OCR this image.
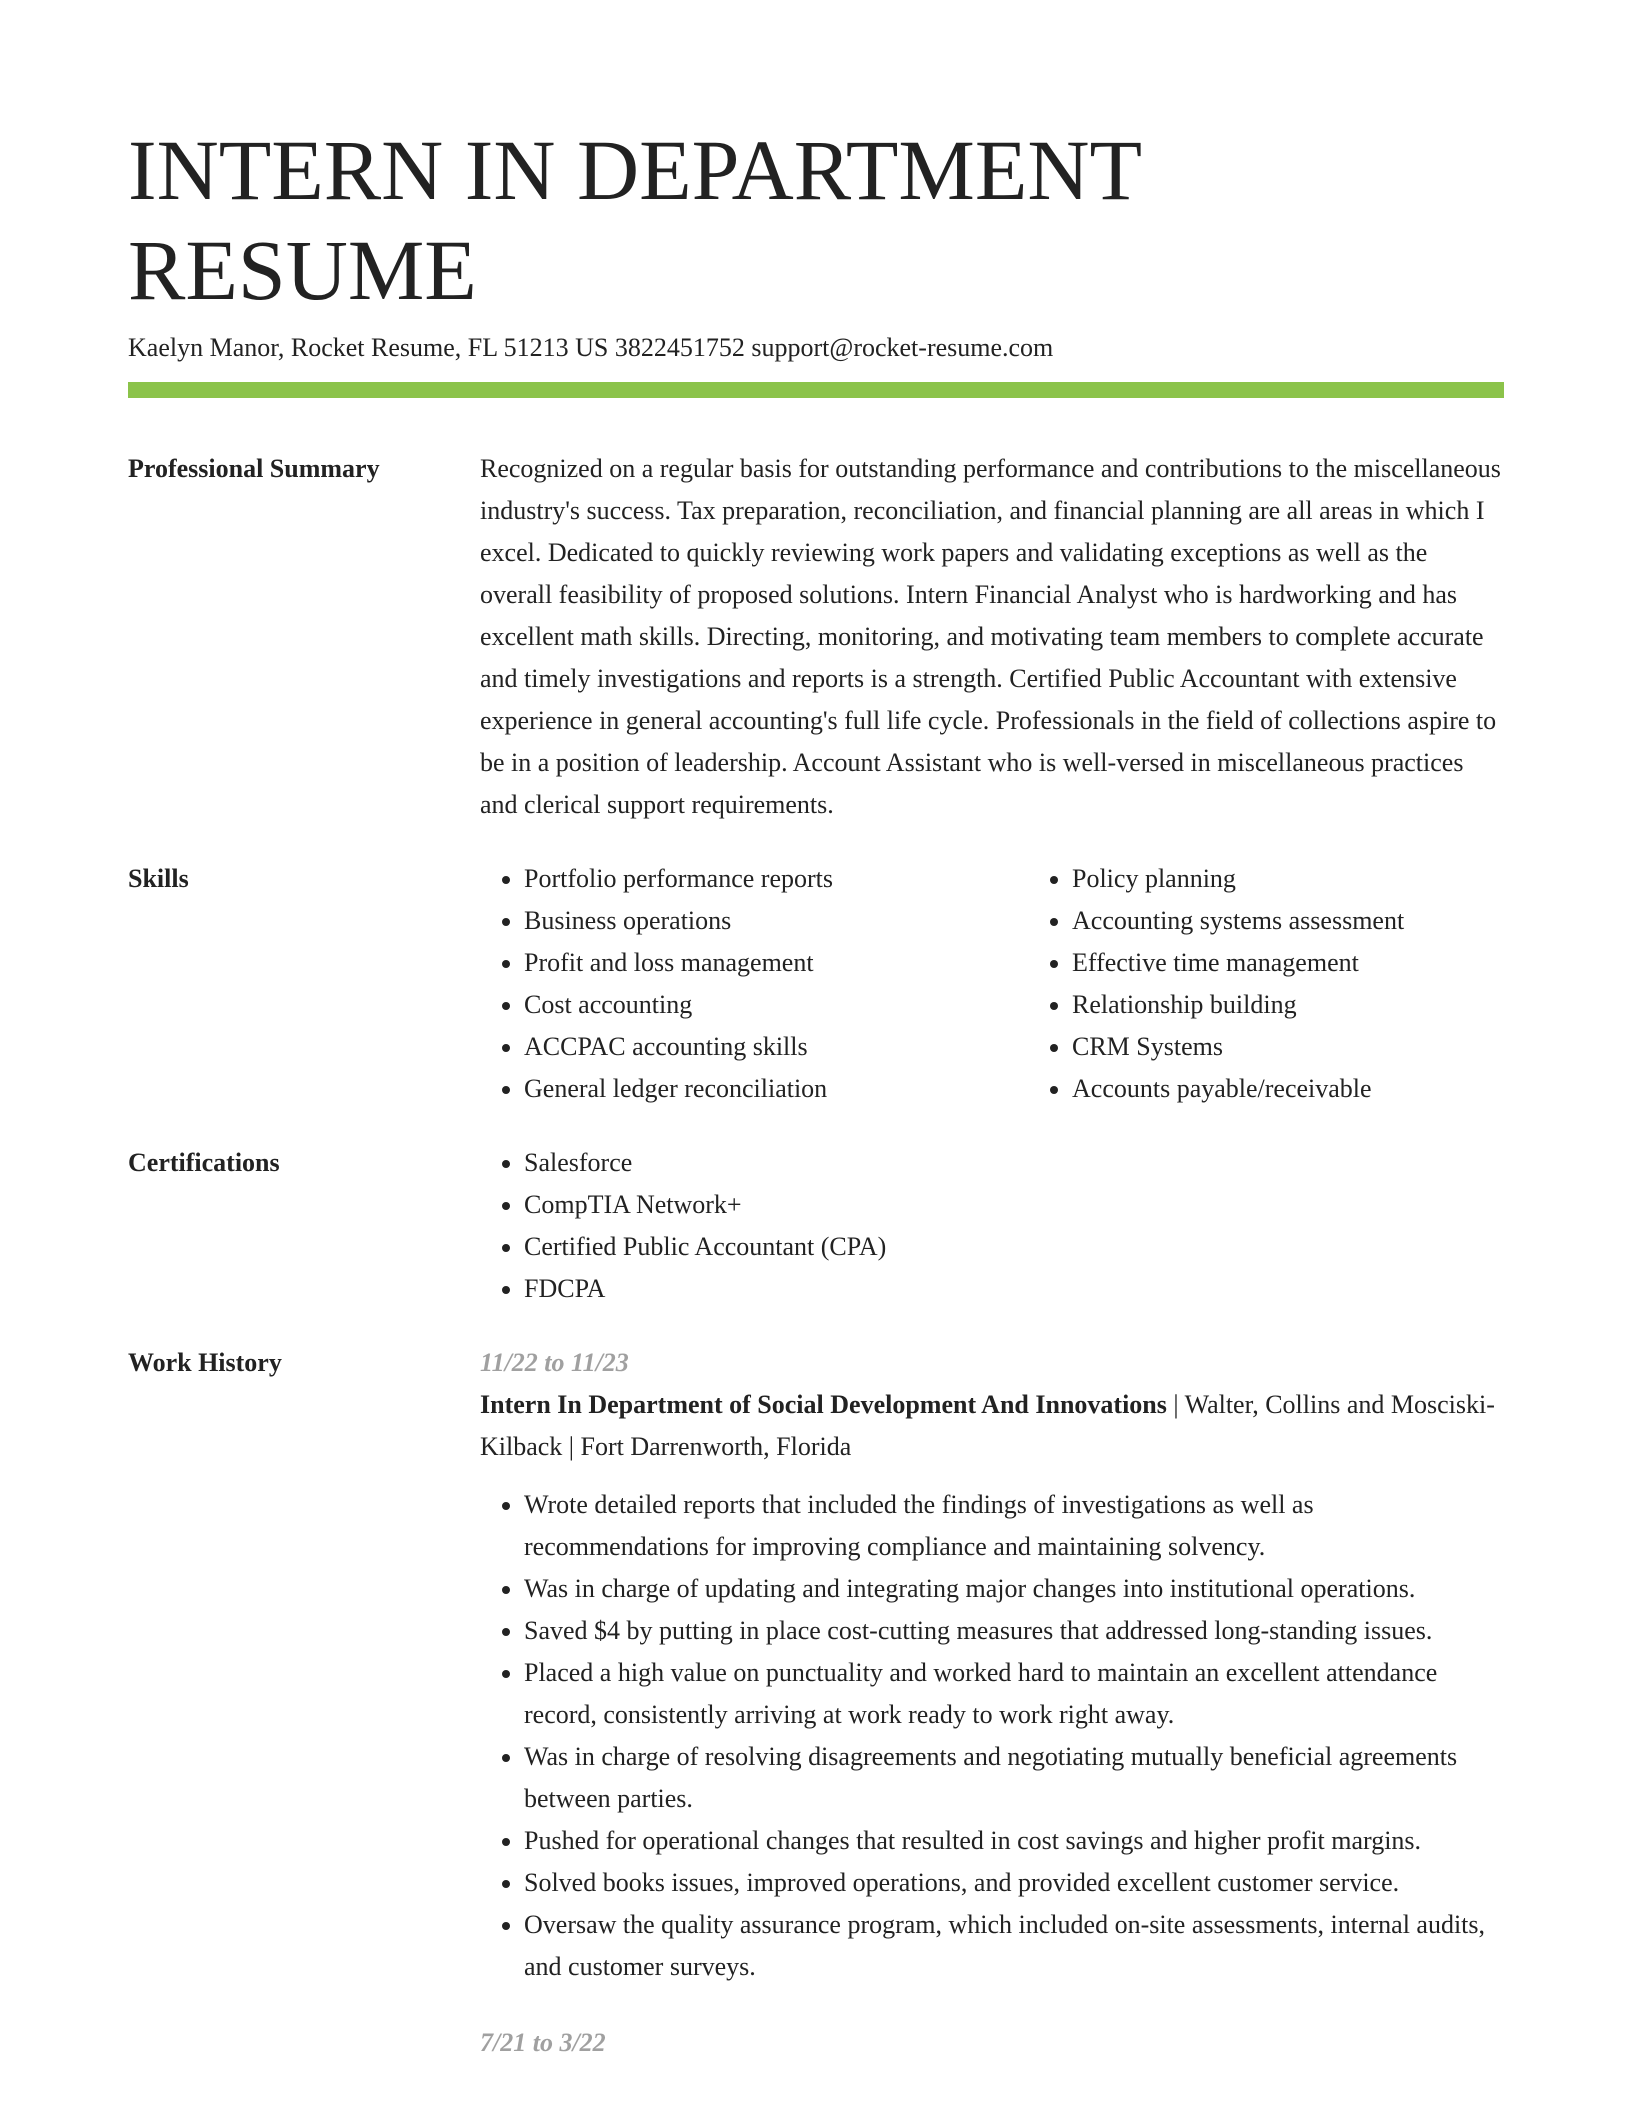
INTERN IN DEPARTMENT RESUME
Kaelyn Manor, Rocket Resume, FL 51213 US 3822451752 support@rocket-resume.com
Professional Summary	Recognized on a regular basis for outstanding performance and contributions to the miscellaneous industry's success. Tax preparation, reconciliation, and financial planning are all areas in which I excel. Dedicated to quickly reviewing work papers and validating exceptions as well as the overall feasibility of proposed solutions. Intern Financial Analyst who is hardworking and has excellent math skills. Directing, monitoring, and motivating team members to complete accurate and timely investigations and reports is a strength. Certified Public Accountant with extensive experience in general accounting's full life cycle. Professionals in the field of collections aspire to be in a position of leadership. Account Assistant who is well-versed in miscellaneous practices and clerical support requirements.
Skills	• Portfolio performance reports
• Business operations
• Profit and loss management
• Cost accounting
• ACCPAC accounting skills
• General ledger reconciliation
• Policy planning
• Accounting systems assessment
• Effective time management
• Relationship building
• CRM Systems
• Accounts payable/receivable
Certifications	• Salesforce
• CompTIA Network+
• Certified Public Accountant (CPA)
• FDCPA
Work History	11/22 to 11/23
Intern In Department of Social Development And Innovations | Walter, Collins and Mosciski-Kilback | Fort Darrenworth, Florida
• Wrote detailed reports that included the findings of investigations as well as recommendations for improving compliance and maintaining solvency.
• Was in charge of updating and integrating major changes into institutional operations.
• Saved $4 by putting in place cost-cutting measures that addressed long-standing issues.
• Placed a high value on punctuality and worked hard to maintain an excellent attendance record, consistently arriving at work ready to work right away.
• Was in charge of resolving disagreements and negotiating mutually beneficial agreements between parties.
• Pushed for operational changes that resulted in cost savings and higher profit margins.
• Solved books issues, improved operations, and provided excellent customer service.
• Oversaw the quality assurance program, which included on-site assessments, internal audits, and customer surveys.
7/21 to 3/22
